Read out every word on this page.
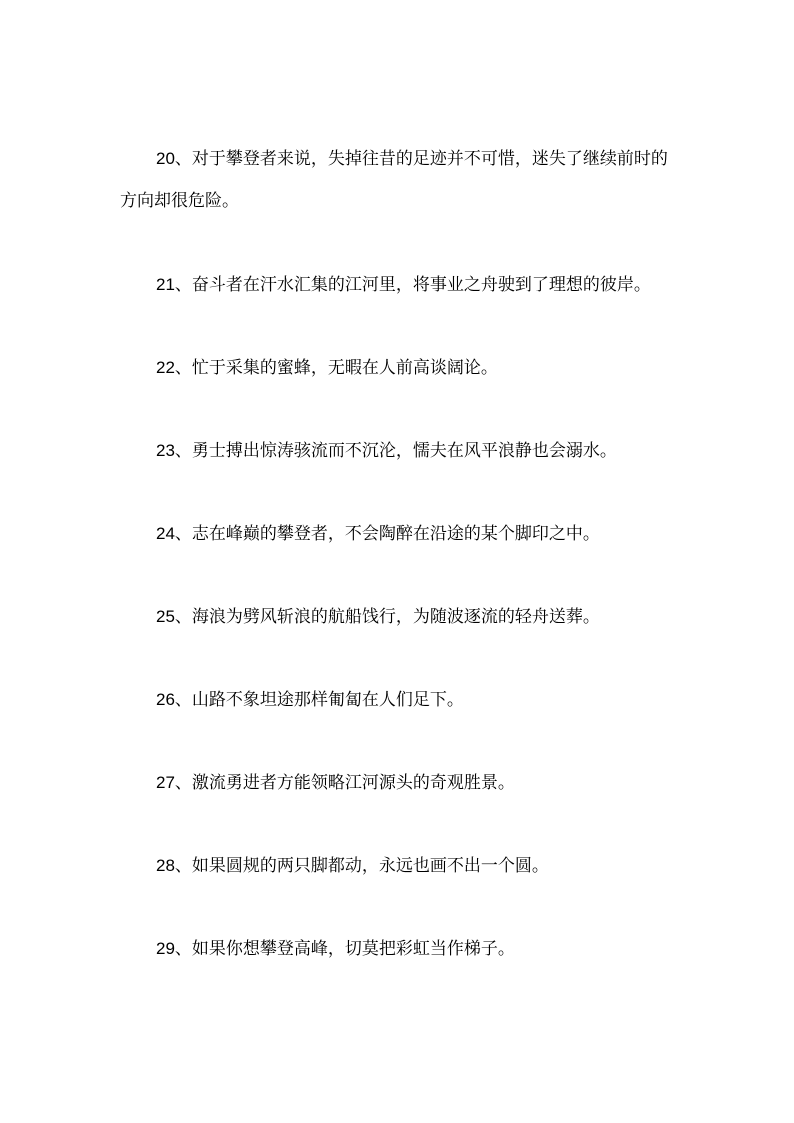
20、对于攀登者来说，失掉往昔的足迹并不可惜，迷失了继续前时的方向却很危险。

21、奋斗者在汗水汇集的江河里，将事业之舟驶到了理想的彼岸。

22、忙于采集的蜜蜂，无暇在人前高谈阔论。

23、勇士搏出惊涛骇流而不沉沦，懦夫在风平浪静也会溺水。

24、志在峰巅的攀登者，不会陶醉在沿途的某个脚印之中。

25、海浪为劈风斩浪的航船饯行，为随波逐流的轻舟送葬。

26、山路不象坦途那样匍匐在人们足下。

27、激流勇进者方能领略江河源头的奇观胜景。

28、如果圆规的两只脚都动，永远也画不出一个圆。

29、如果你想攀登高峰，切莫把彩虹当作梯子。
